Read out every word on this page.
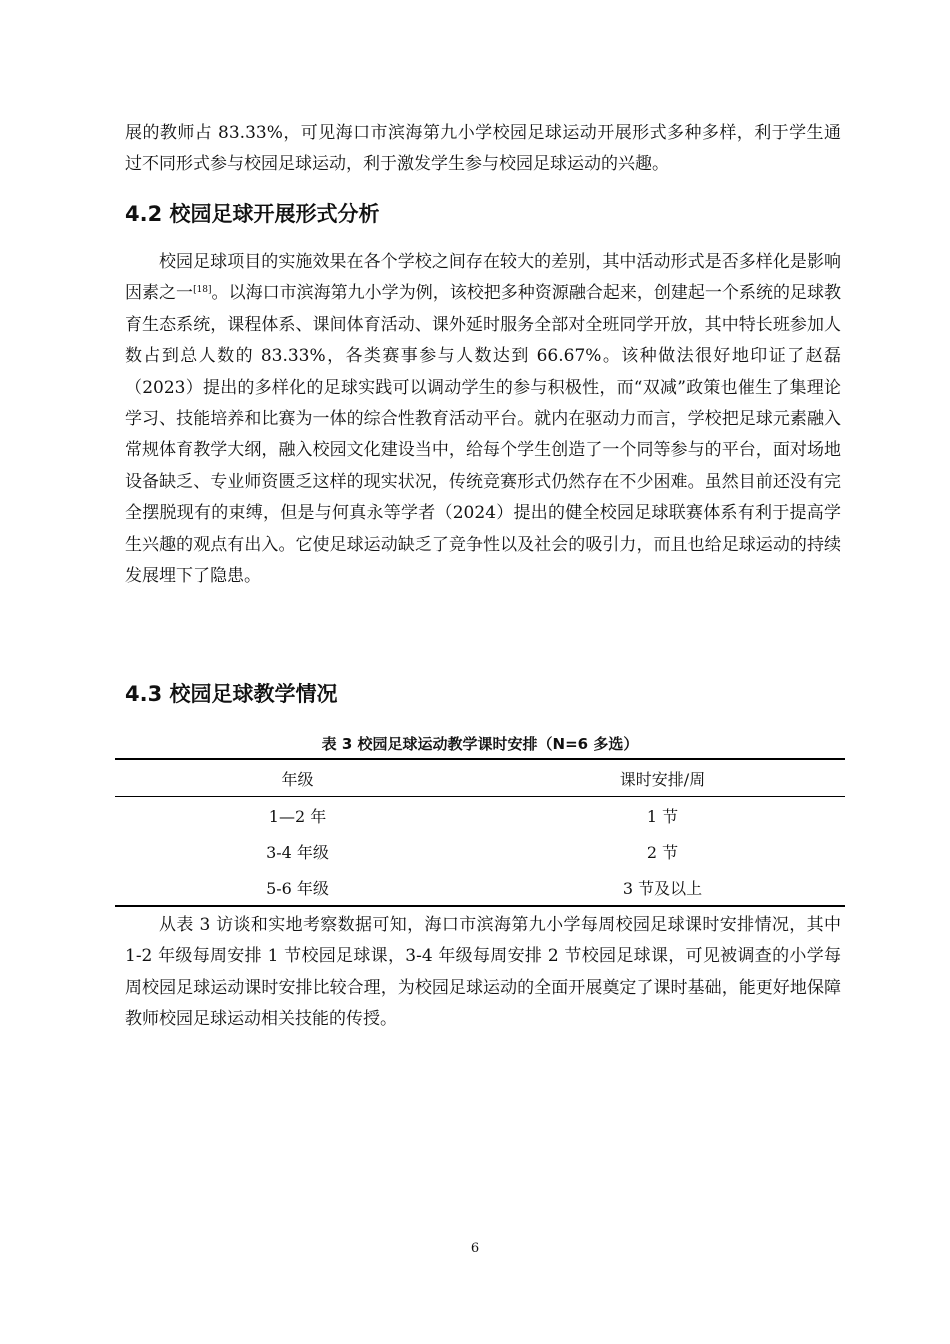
展的教师占 83.33%，可见海口市滨海第九小学校园足球运动开展形式多种多样，利于学生通过不同形式参与校园足球运动，利于激发学生参与校园足球运动的兴趣。

4.2 校园足球开展形式分析

校园足球项目的实施效果在各个学校之间存在较大的差别，其中活动形式是否多样化是影响因素之一[18]。以海口市滨海第九小学为例，该校把多种资源融合起来，创建起一个系统的足球教育生态系统，课程体系、课间体育活动、课外延时服务全部对全班同学开放，其中特长班参加人数占到总人数的 83.33%，各类赛事参与人数达到 66.67%。该种做法很好地印证了赵磊（2023）提出的多样化的足球实践可以调动学生的参与积极性，而“双减”政策也催生了集理论学习、技能培养和比赛为一体的综合性教育活动平台。就内在驱动力而言，学校把足球元素融入常规体育教学大纲，融入校园文化建设当中，给每个学生创造了一个同等参与的平台，面对场地设备缺乏、专业师资匮乏这样的现实状况，传统竞赛形式仍然存在不少困难。虽然目前还没有完全摆脱现有的束缚，但是与何真永等学者（2024）提出的健全校园足球联赛体系有利于提高学生兴趣的观点有出入。它使足球运动缺乏了竞争性以及社会的吸引力，而且也给足球运动的持续发展埋下了隐患。

4.3 校园足球教学情况
表 3 校园足球运动教学课时安排（N=6 多选）
年级	课时安排/周
1—2 年	1 节
3-4 年级	2 节
5-6 年级	3 节及以上

从表 3 访谈和实地考察数据可知，海口市滨海第九小学每周校园足球课时安排情况，其中 1-2 年级每周安排 1 节校园足球课，3-4 年级每周安排 2 节校园足球课，可见被调查的小学每周校园足球运动课时安排比较合理，为校园足球运动的全面开展奠定了课时基础，能更好地保障教师校园足球运动相关技能的传授。

6
